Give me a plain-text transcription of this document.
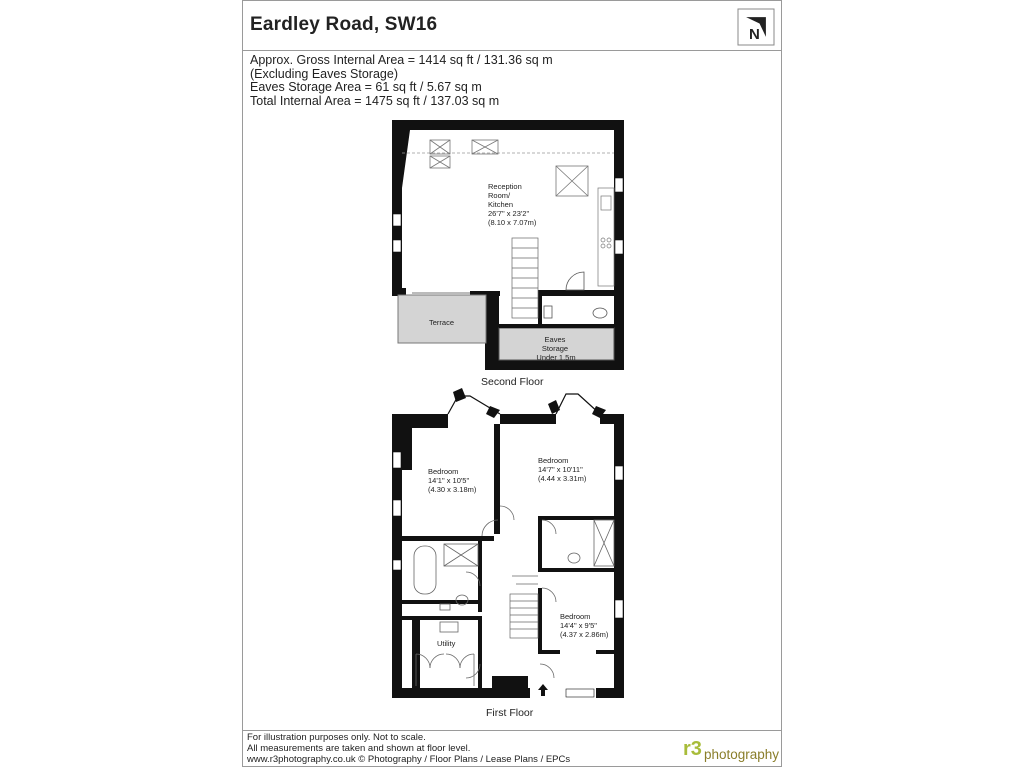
Eardley Road, SW16	N
Approx. Gross Internal Area = 1414 sq ft / 131.36 sq m
(Excluding Eaves Storage)
Eaves Storage Area = 61 sq ft / 5.67 sq m
Total Internal Area = 1475 sq ft / 137.03 sq m
Reception Room/ Kitchen 26'7" x 23'2" (8.10 x 7.07m)
Terrace
Eaves Storage Under 1.5m
Bedroom 14'1" x 10'5" (4.30 x 3.18m)
Bedroom 14'7" x 10'11" (4.44 x 3.31m)
Bedroom 14'4" x 9'5" (4.37 x 2.86m)
Utility
Second Floor
First Floor
For illustration purposes only. Not to scale.
All measurements are taken and shown at floor level.
www.r3photography.co.uk © Photography / Floor Plans / Lease Plans / EPCs	r3 photography
